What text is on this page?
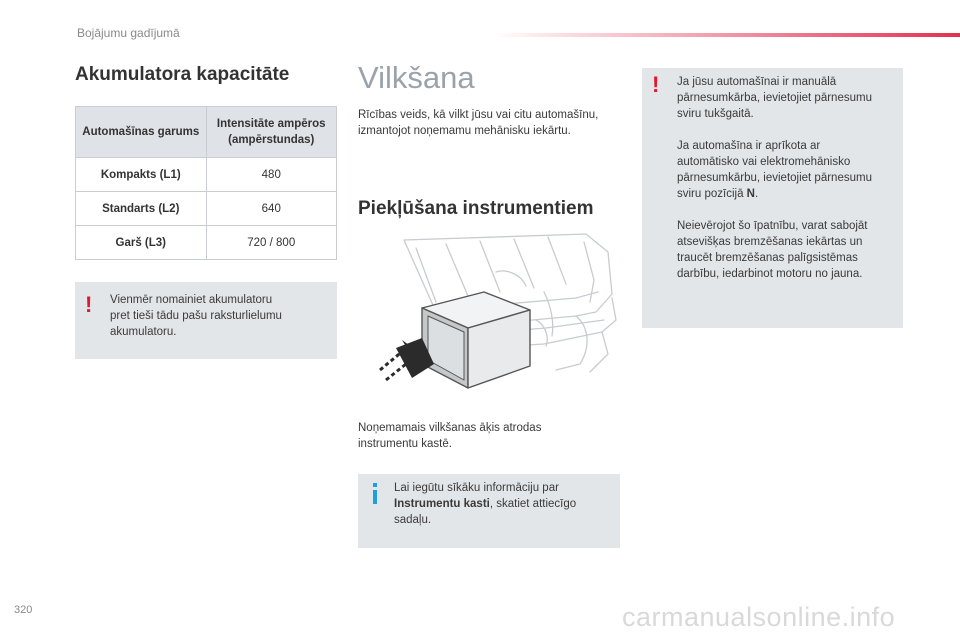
Bojājumu gadījumā
Akumulatora kapacitāte
Automašīnas garums	Intensitāte ampēros (ampērstundas)
Kompakts (L1)	480
Standarts (L2)	640
Garš (L3)	720 / 800
! Vienmēr nomainiet akumulatoru
pret tieši tādu pašu raksturlielumu
akumulatoru.
Vilkšana
Rīcības veids, kā vilkt jūsu vai citu automašīnu,
izmantojot noņemamu mehānisku iekārtu.
Piekļūšana instrumentiem
Noņemamais vilkšanas āķis atrodas
instrumentu kastē.
Lai iegūtu sīkāku informāciju par
Instrumentu kasti, skatiet attiecīgo
sadaļu.
! Ja jūsu automašīnai ir manuālā
pārnesumkārba, ievietojiet pārnesumu
sviru tukšgaitā.
Ja automašīna ir aprīkota ar
automātisko vai elektromehānisko
pārnesumkārbu, ievietojiet pārnesumu
sviru pozīcijā N.
Neievērojot šo īpatnību, varat sabojāt
atsevišķas bremzēšanas iekārtas un
traucēt bremzēšanas palīgsistēmas
darbību, iedarbinot motoru no jauna.
320	carmanualsonline.info
